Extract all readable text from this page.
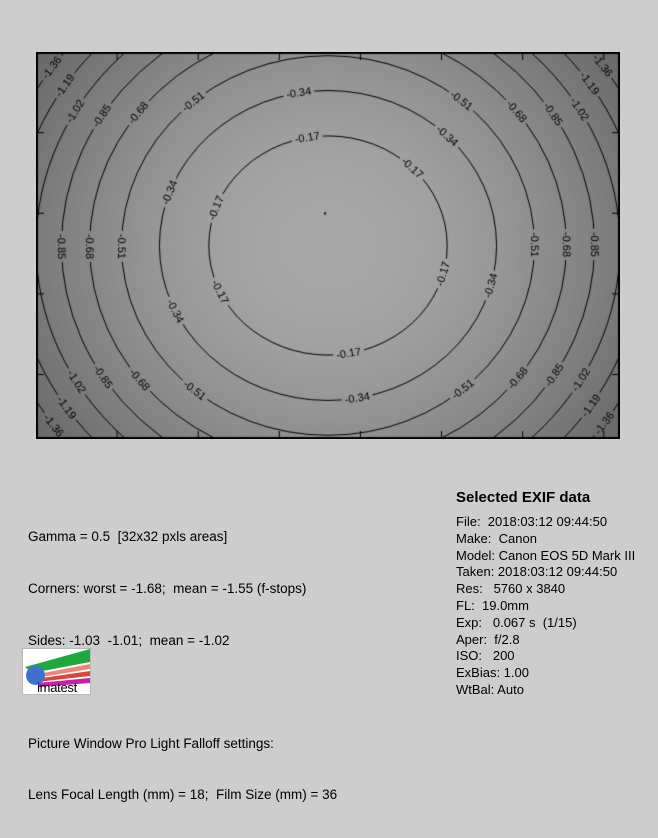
Gamma = 0.5  [32x32 pxls areas]

Corners: worst = -1.68;  mean = -1.55 (f-stops)

Sides: -1.03  -1.01;  mean = -1.02

Picture Window Pro Light Falloff settings:

Lens Focal Length (mm) = 18;  Film Size (mm) = 36

Selected EXIF data
File:  2018:03:12 09:44:50
Make:  Canon
Model: Canon EOS 5D Mark III
Taken: 2018:03:12 09:44:50
Res:   5760 x 3840
FL:  19.0mm
Exp:   0.067 s  (1/15)
Aper:  f/2.8
ISO:   200
ExBias: 1.00
WtBal: Auto
imatest
